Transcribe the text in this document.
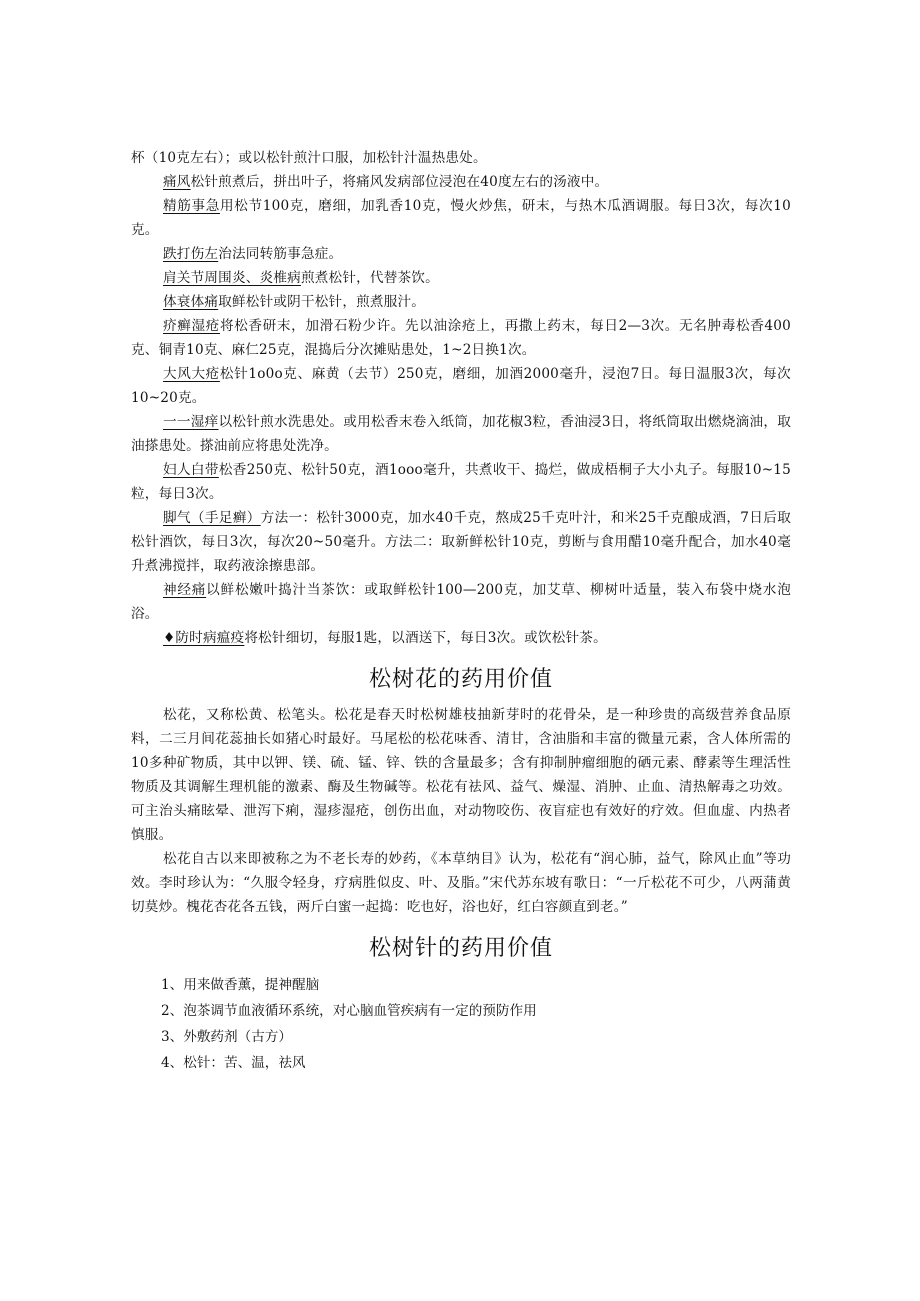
杯（10克左右）；或以松针煎汁口服，加松针汁温热患处。

痛风松针煎煮后，拼出叶子，将痛风发病部位浸泡在40度左右的汤液中。

精筋事急用松节100克，磨细，加乳香10克，慢火炒焦，研末，与热木瓜酒调服。每日3次，每次10克。

跌打伤左治法同转筋事急症。

肩关节周围炎、炎椎病煎煮松针，代替茶饮。

体衰体痛取鲜松针或阴干松针，煎煮服汁。

疥癣湿疮将松香研末，加滑石粉少许。先以油涂疮上，再撒上药末，每日2—3次。无名肿毒松香400克、铜青10克、麻仁25克，混捣后分次摊贴患处，1~2日换1次。

大风大疮松针1o0o克、麻黄（去节）250克，磨细，加酒2000毫升，浸泡7日。每日温服3次，每次10~20克。

一一湿痒以松针煎水洗患处。或用松香末卷入纸筒，加花椒3粒，香油浸3日，将纸筒取出燃烧滴油，取油搽患处。搽油前应将患处洗净。

妇人白带松香250克、松针50克，酒1ooo毫升，共煮收干、捣烂，做成梧桐子大小丸子。每服10~15粒，每日3次。

脚气（手足癣）方法一：松针3000克，加水40千克，熬成25千克叶汁，和米25千克酿成酒，7日后取松针酒饮，每日3次，每次20~50毫升。方法二：取新鲜松针10克，剪断与食用醋10毫升配合，加水40毫升煮沸搅拌，取药液涂擦患部。

神经痛以鲜松嫩叶捣汁当茶饮：或取鲜松针100—200克，加艾草、柳树叶适量，装入布袋中烧水泡浴。

♦防时病瘟疫将松针细切，每服1匙，以酒送下，每日3次。或饮松针茶。

松树花的药用价值

松花，又称松黄、松笔头。松花是春天时松树雄枝抽新芽时的花骨朵，是一种珍贵的高级营养食品原料，二三月间花蕊抽长如猪心时最好。马尾松的松花味香、清甘，含油脂和丰富的微量元素，含人体所需的10多种矿物质，其中以钾、镁、硫、锰、锌、铁的含量最多；含有抑制肿瘤细胞的硒元素、酵素等生理活性物质及其调解生理机能的激素、酶及生物碱等。松花有祛风、益气、燥湿、消肿、止血、清热解毒之功效。可主治头痛眩晕、泄泻下痢，湿疹湿疮，创伤出血，对动物咬伤、夜盲症也有效好的疗效。但血虚、内热者慎服。

松花自古以来即被称之为不老长寿的妙药，《本草纳目》认为，松花有“润心肺，益气，除风止血”等功效。李时珍认为：“久服令轻身，疗病胜似皮、叶、及脂。”宋代苏东坡有歌日：“一斤松花不可少，八两蒲黄切莫炒。槐花杏花各五钱，两斤白蜜一起捣：吃也好，浴也好，红白容颜直到老。”

松树针的药用价值
1、用来做香薰，提神醒脑
2、泡茶调节血液循环系统，对心脑血管疾病有一定的预防作用
3、外敷药剂（古方）
4、松针：苦、温，祛风
